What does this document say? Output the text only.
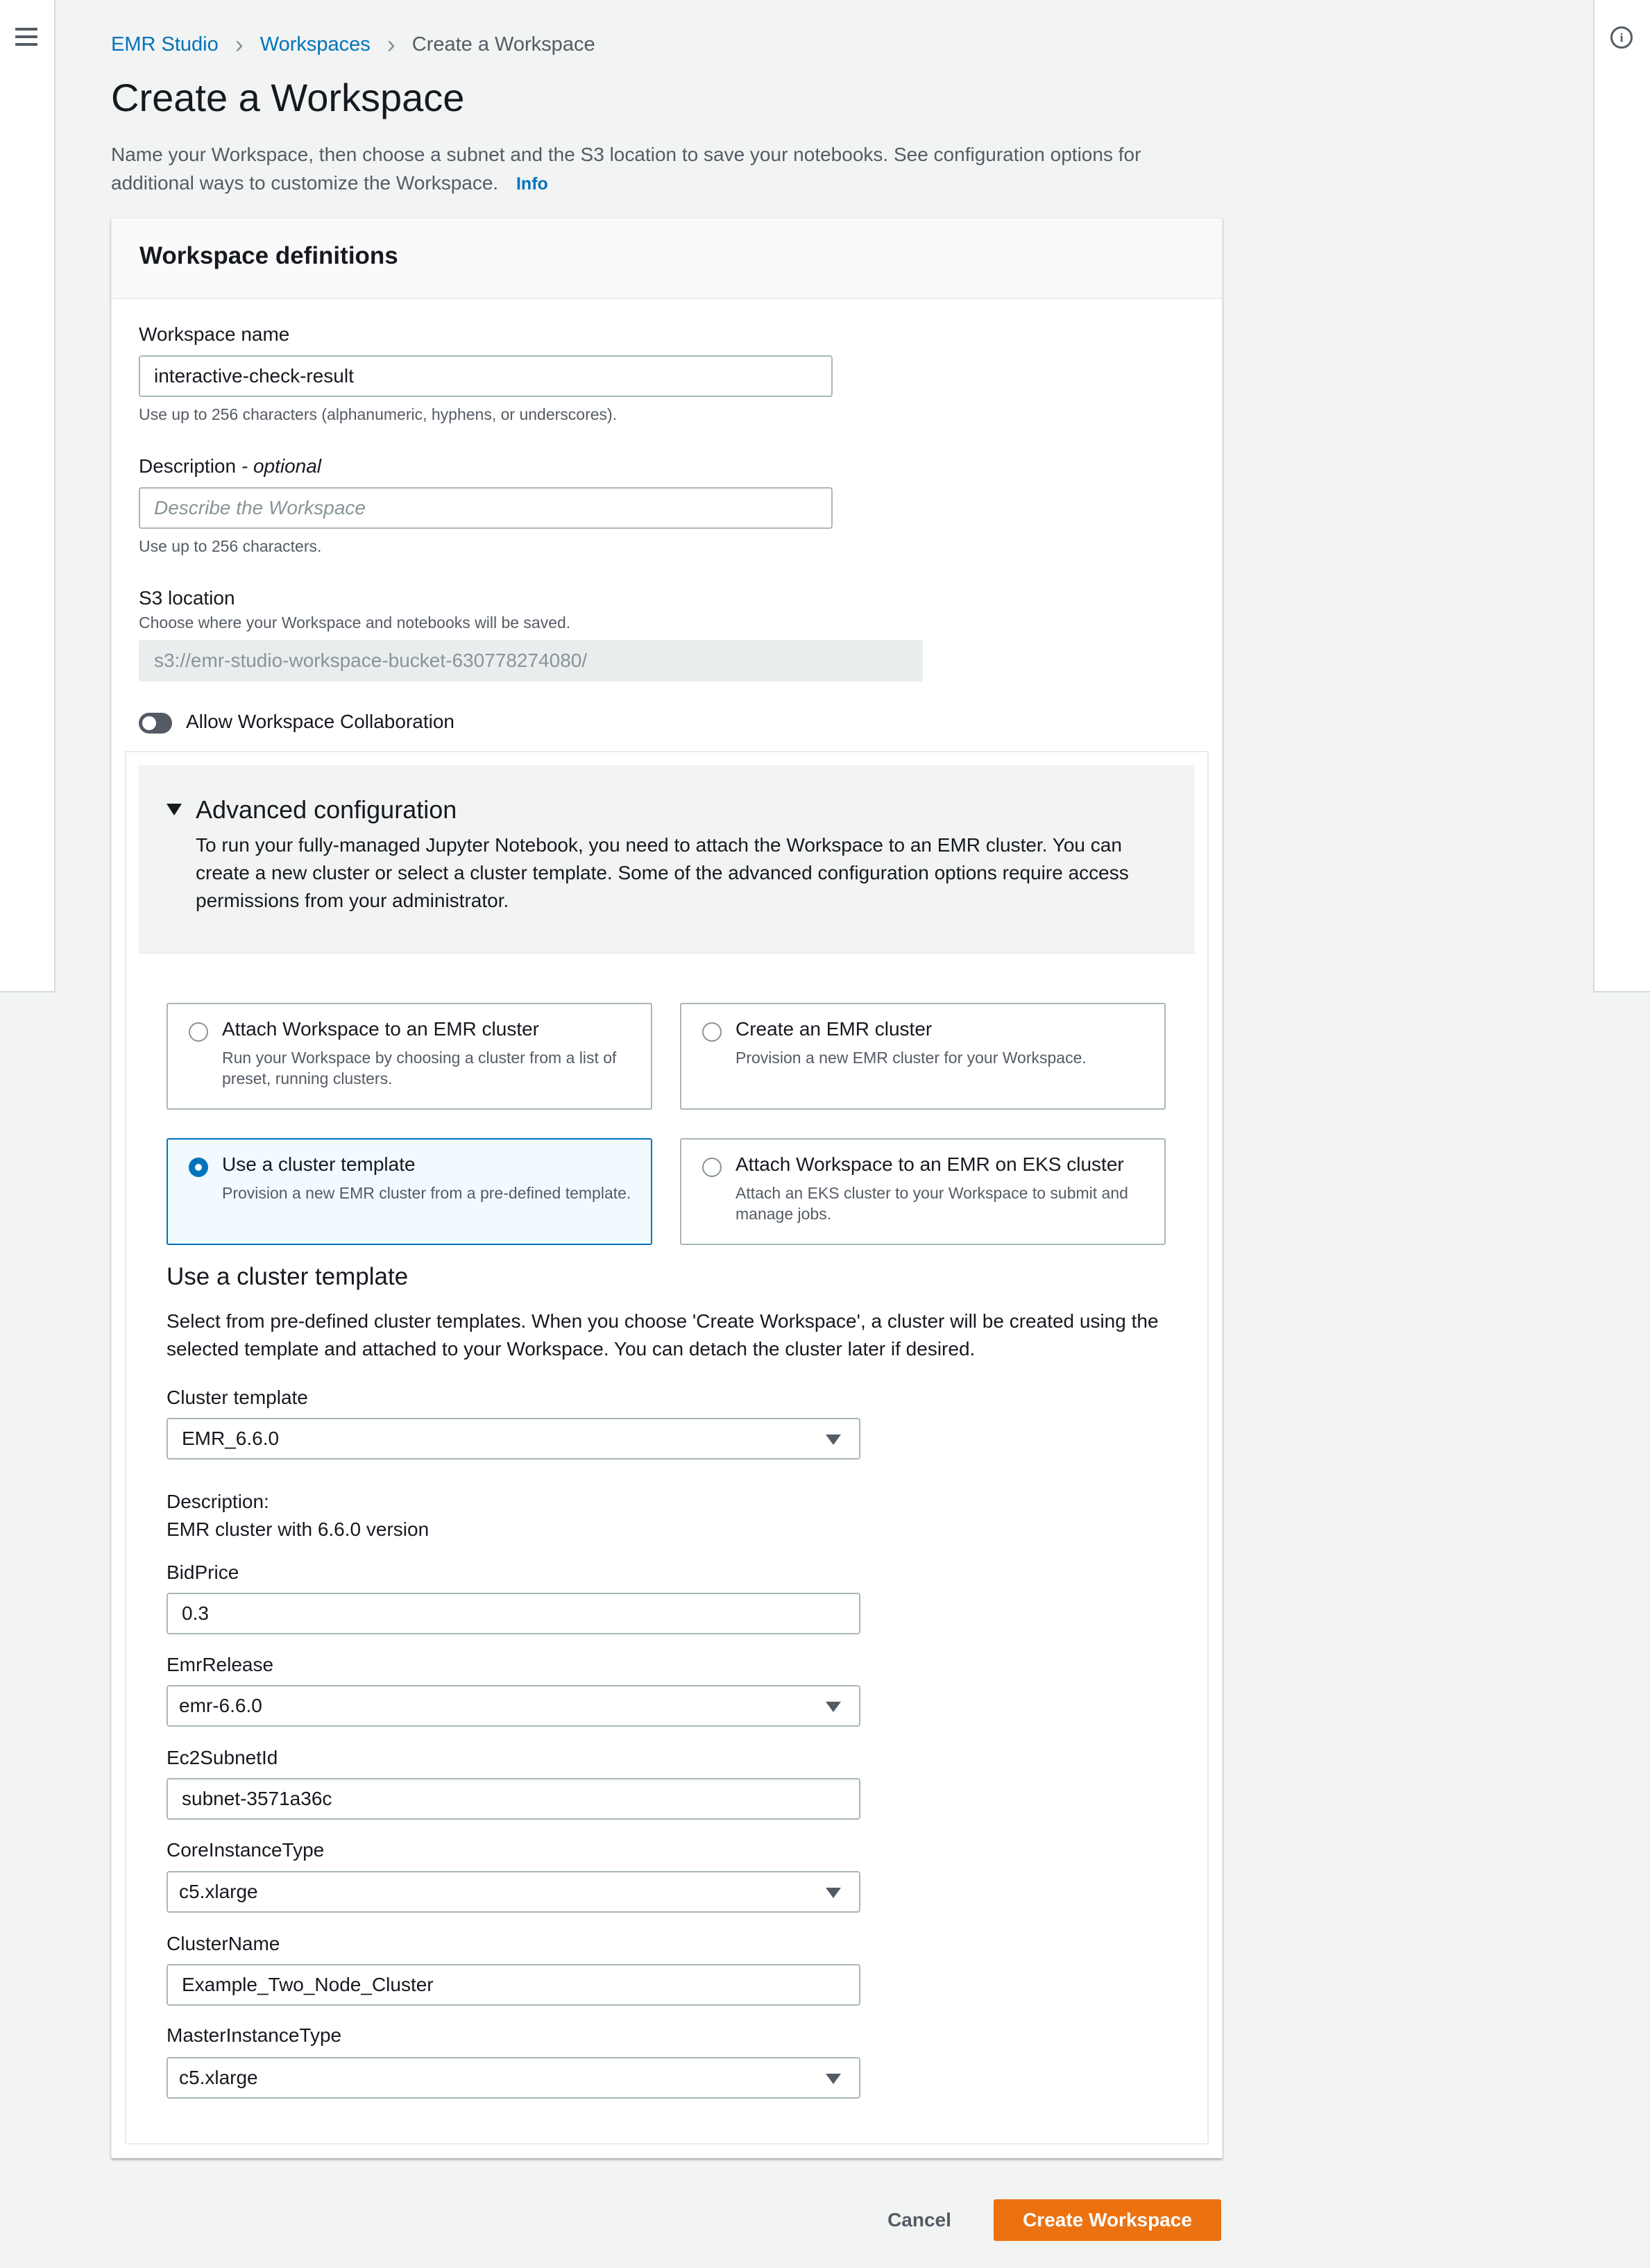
i
EMR Studio › Workspaces › Create a Workspace
Create a Workspace
Name your Workspace, then choose a subnet and the S3 location to save your notebooks. See configuration options for additional ways to customize the Workspace. Info
Workspace definitions
Workspace name
interactive-check-result
Use up to 256 characters (alphanumeric, hyphens, or underscores).
Description - optional
Describe the Workspace
Use up to 256 characters.
S3 location
Choose where your Workspace and notebooks will be saved.
s3://emr-studio-workspace-bucket-630778274080/
Allow Workspace Collaboration
Advanced configuration
To run your fully-managed Jupyter Notebook, you need to attach the Workspace to an EMR cluster. You can create a new cluster or select a cluster template. Some of the advanced configuration options require access permissions from your administrator.
Attach Workspace to an EMR cluster
Run your Workspace by choosing a cluster from a list of preset, running clusters.
Create an EMR cluster
Provision a new EMR cluster for your Workspace.
Use a cluster template
Provision a new EMR cluster from a pre-defined template.
Attach Workspace to an EMR on EKS cluster
Attach an EKS cluster to your Workspace to submit and manage jobs.
Use a cluster template
Select from pre-defined cluster templates. When you choose 'Create Workspace', a cluster will be created using the selected template and attached to your Workspace. You can detach the cluster later if desired.
Cluster template
EMR_6.6.0
Description:
EMR cluster with 6.6.0 version
BidPrice
0.3
EmrRelease
emr-6.6.0
Ec2SubnetId
subnet-3571a36c
CoreInstanceType
c5.xlarge
ClusterName
Example_Two_Node_Cluster
MasterInstanceType
c5.xlarge
Cancel	Create Workspace
